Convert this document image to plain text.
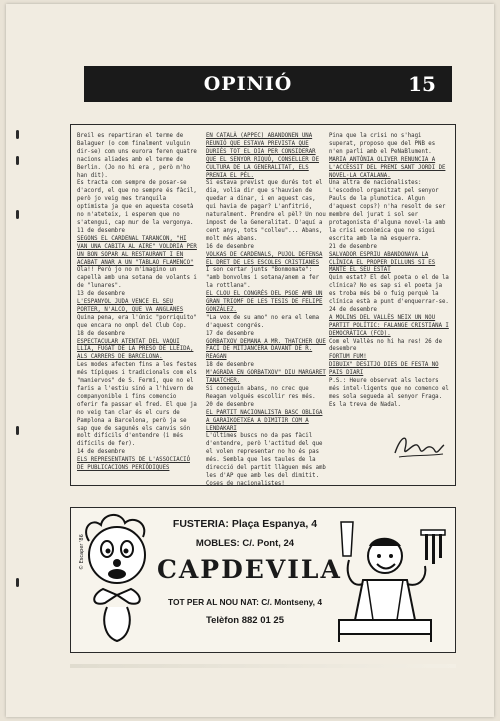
OPINIÓ	15

Breil es repartiran el terme de Balaguer (o com finalment vulguin dir-se) com uns eurora feren quatre nacions aliades amb el terme de Berlin. (Jo no hi era , però m'ho han dit).

Es tracta com sempre de posar-se d'acord, el que no sempre és fàcil, però jo veig mes tranquila optimista ja que en aquesta cosetà no n'ateteix, i esperem que no s'atengui, cap mur de la vergonya.

11 de desembre

SEGONS EL CARDENAL TARANCON, "HI VAN UNA CABITA AL AIRE" VOLDRIA PER UN BON SOPAR AL RESTAURANT I EN ACABAT ANAR A UN "TABLAO FLAMENCO"

Ola!! Però jo no m'imagino un capellà amb una sotana de volants i de "lunares".

13 de desembre

L'ESPANYOL JUDA VENCE EL SEU PORTER, N'ALCO, QUE VA ANGLANES

Quina pena, era l'únic "porriquito" que encara no ompl del Club Cop.

18 de desembre

ESPECTACULAR ATENTAT DEL VAQUI LLIA, FUGAT DE LA PRESÓ DE LLEIDA, ALS CARRERS DE BARCELONA.

Les modes afecten fins a les festes més típiques i tradicionals com els "maniervos" de S. Fermí, que no el faris a l'estiu sinó a l'hivern de companyonible i fins comencio oferir fa passar el fred. El que ja no veig tan clar és el curs de Pamplona a Barcelona, però ja se sap que de sagunés els canvis són molt difícils d'entendre (i més difícils de fer).

14 de desembre

ELS REPRESENTANTS DE L'ASSOCIACIÓ DE PUBLICACIONS PERIÒDIQUES

EN CATALÀ (APPEC) ABANDONEN UNA REUNIÓ QUE ESTAVA PREVISTA QUE DURIÉS TOT EL DIA PER CONSIDERAR QUE EL SENYOR RIQUÓ, CONSELLER DE CULTURA DE LA GENERALITAT, ELS PRENIA EL PÈL.

Si estava previst que durés tot el dia, volia dir que s'hauvien de quedar a dinar, i en aquest cas, qui havia de pagar? L'anfitrió, naturalment. Prendre el pèl? Un nou impost de la Generalitat. D'aquí a cent anys, tots "colleu"... Abans, molt més abans.

16 de desembre

VOLKAS DE CARDENALS, PUJOL DEFENSA EL DRET DE LES ESCOLES CRISTIANES

I son certar junts "Bonmomate": "amb bonvolms i sotana/anem a fer la rottlana".

EL CLOU EL CONGRÉS DEL PSOE AMB UN GRAN TRIOMF DE LES TESIS DE FELIPE GONZÁLEZ.

"La vox de su amo" no era el lema d'aquest congrés.

17 de desembre

GORBATXOV DEMANA A MR. THATCHER QUE FACI DE MITJANCERA DAVANT DE R. REAGAN

18 de desembre

M'AGRADA EN GORBATXOV" DIU MARGARET TANATCHER.

Si coneguin abans, no crec que Reagan volgués escollir res més.

20 de desembre

EL PARTIT NACIONALISTA BASC OBLIGA A GARAIKOETXEA A DIMITIR COM A LENDAKARI

L'últimes buscs no da pas fàcil d'entendre, però l'actitud del que el volen representar no ho és pas més. Sembla que les taules de la direcció del partit llàguen més amb les d'AP que amb les del dimitit. Coses de nacionalistes!

Pina que la crisi no s'hagi superat, proposo que del PNB es n'en parli amb el PeNaBlument.

MARIA ANTÒNIA OLIVER RENUNCIA A L'ACCÈSSIT DEL PREMI SANT JORDI DE NOVEL·LA CATALANA.

Una altra de nacionalistes: L'escodnol organitzat pel senyor Pauls de la plumotica. Algun d'aquest cops?) n'ha resolt de ser membre del jurat i sol ser protagonista d'alguna novel·la amb la crisi econòmica que no sigui escrita amb la mà esquerra.

21 de desembre

SALVADOR ESPRIU ABANDONAVA LA CLÍNICA EL PROPER DILLUNS SI ES MANTÉ EL SEU ESTAT

Quin estat? El del poeta o el de la clínica? No es sap si el poeta ja es troba més bé o fuig perquè la clínica està a punt d'enquerrar-se.

24 de desembre

A MOLINS DEL VALLÈS NEIX UN NOU PARTIT POLÍTIC: FALANGE CRISTIANA I DEMOCRÀTICA (FCD).

Com el Vallès no hi ha res! 26 de desembre

FORTUM FUM!

DIBUIX" DESITJO DIES DE FESTA NO PAIS DIARI

P.S.: Heure observat als lectors més intel·ligents que no comenco el mes sola segueda al senyor Fraga. Es la treva de Nadal.

© Escaper '86
FUSTERIA: Plaça Espanya, 4
MOBLES: C/. Pont, 24
CAPDEVILA
TOT PER AL NOU NAT: C/. Montseny, 4
Telèfon 882 01 25
